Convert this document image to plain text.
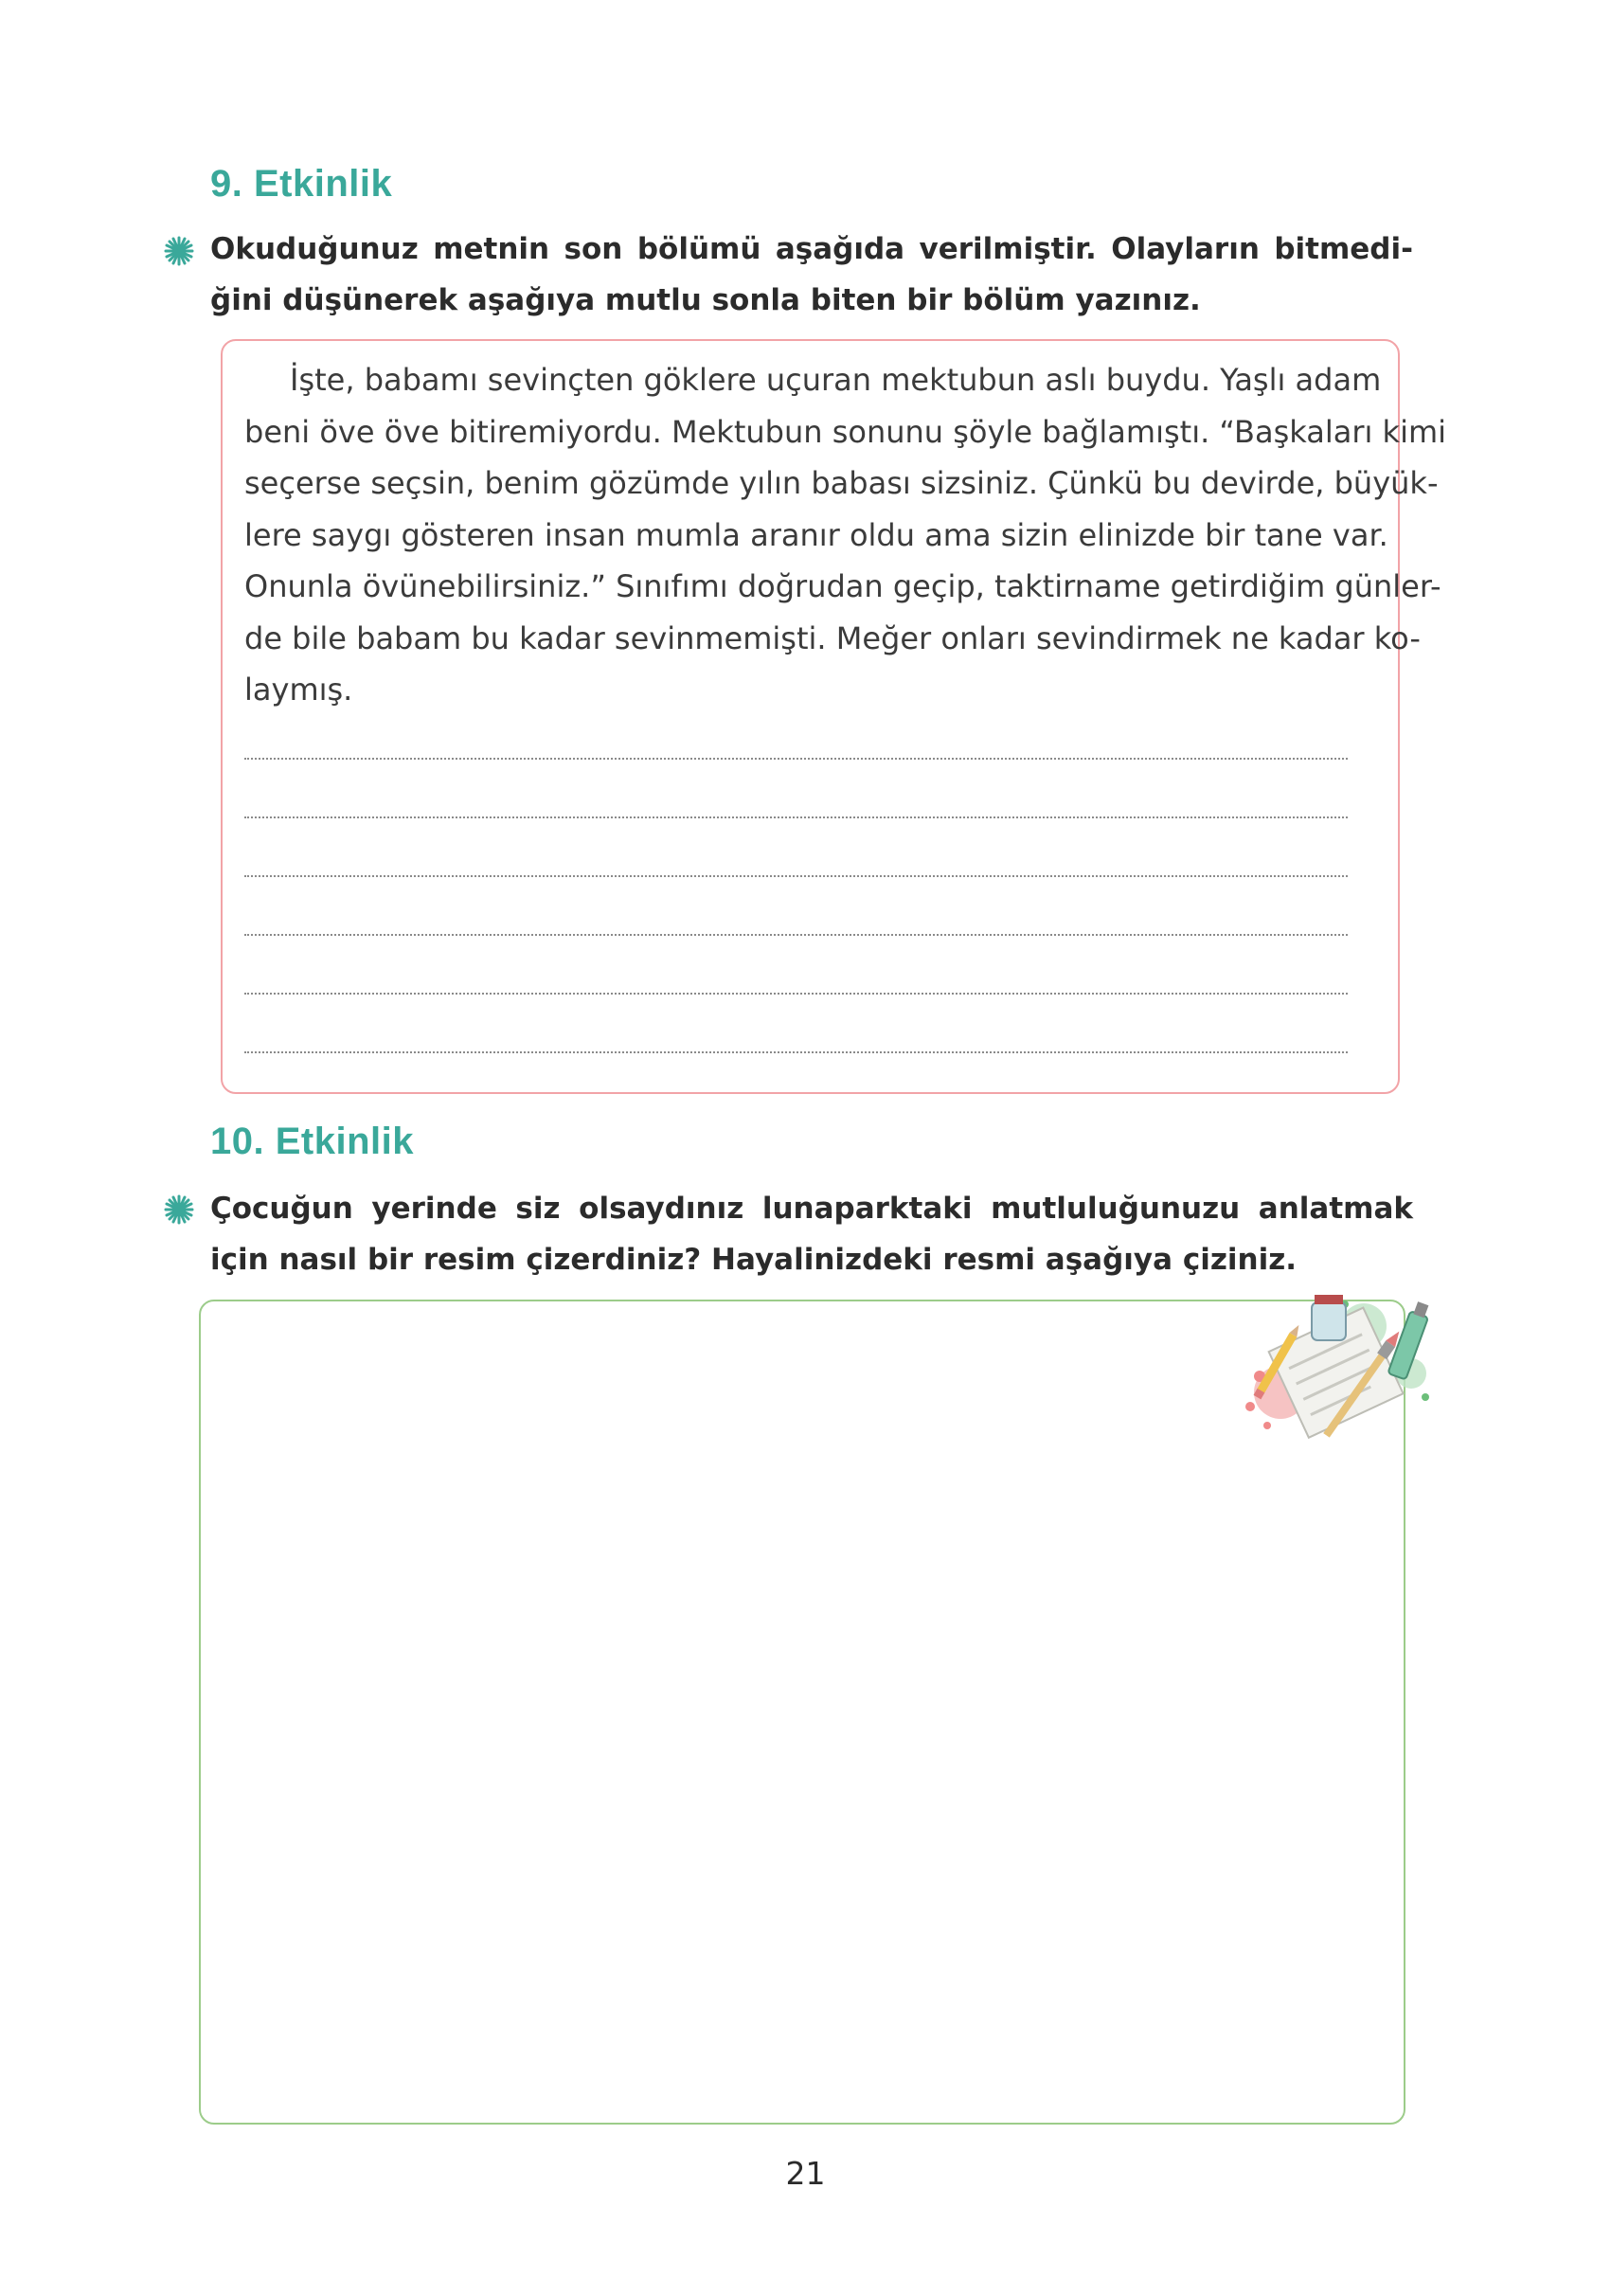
9. Etkinlik
Okuduğunuz metnin son bölümü aşağıda verilmiştir. Olayların bitmedi-
ğini düşünerek aşağıya mutlu sonla biten bir bölüm yazınız.
İşte, babamı sevinçten göklere uçuran mektubun aslı buydu. Yaşlı adam
beni öve öve bitiremiyordu. Mektubun sonunu şöyle bağlamıştı. “Başkaları kimi
seçerse seçsin, benim gözümde yılın babası sizsiniz. Çünkü bu devirde, büyük-
lere saygı gösteren insan mumla aranır oldu ama sizin elinizde bir tane var.
Onunla övünebilirsiniz.” Sınıfımı doğrudan geçip, taktirname getirdiğim günler-
de bile babam bu kadar sevinmemişti. Meğer onları sevindirmek ne kadar ko-
laymış.
10. Etkinlik
Çocuğun yerinde siz olsaydınız lunaparktaki mutluluğunuzu anlatmak
için nasıl bir resim çizerdiniz? Hayalinizdeki resmi aşağıya çiziniz.
21
